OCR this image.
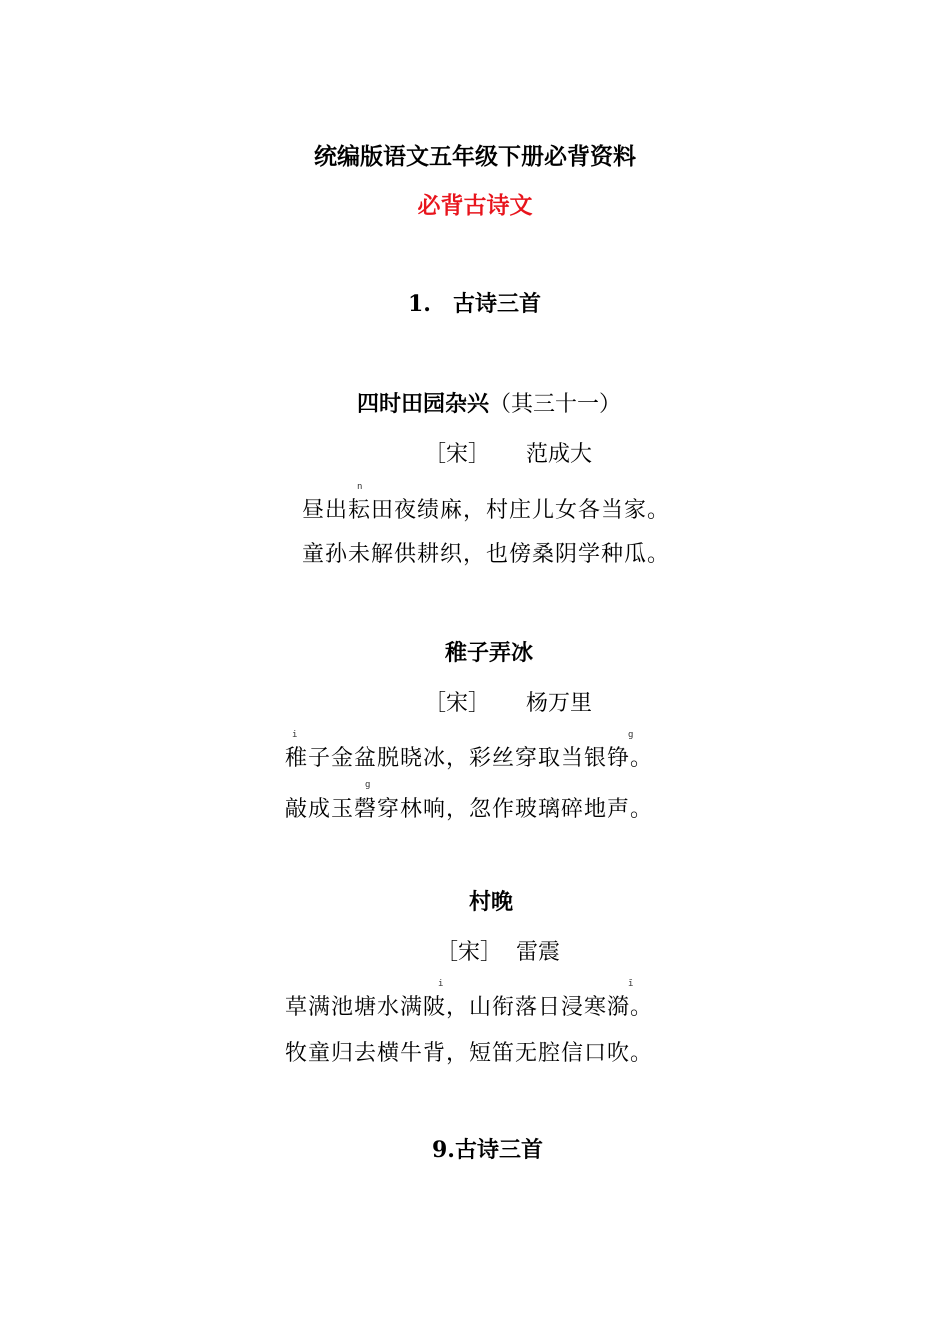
统编版语文五年级下册必背资料
必背古诗文
1. 古诗三首
四时田园杂兴（其三十一）
［宋］ 范成大
n
昼出耘田夜绩麻，村庄儿女各当家。
童孙未解供耕织，也傍桑阴学种瓜。
稚子弄冰
［宋］ 杨万里
i	g
稚子金盆脱晓冰，彩丝穿取当银铮。
g
敲成玉磬穿林响，忽作玻璃碎地声。
村晚
［宋］ 雷震
i	ī
草满池塘水满陂，山衔落日浸寒漪。
牧童归去横牛背，短笛无腔信口吹。
9.古诗三首
